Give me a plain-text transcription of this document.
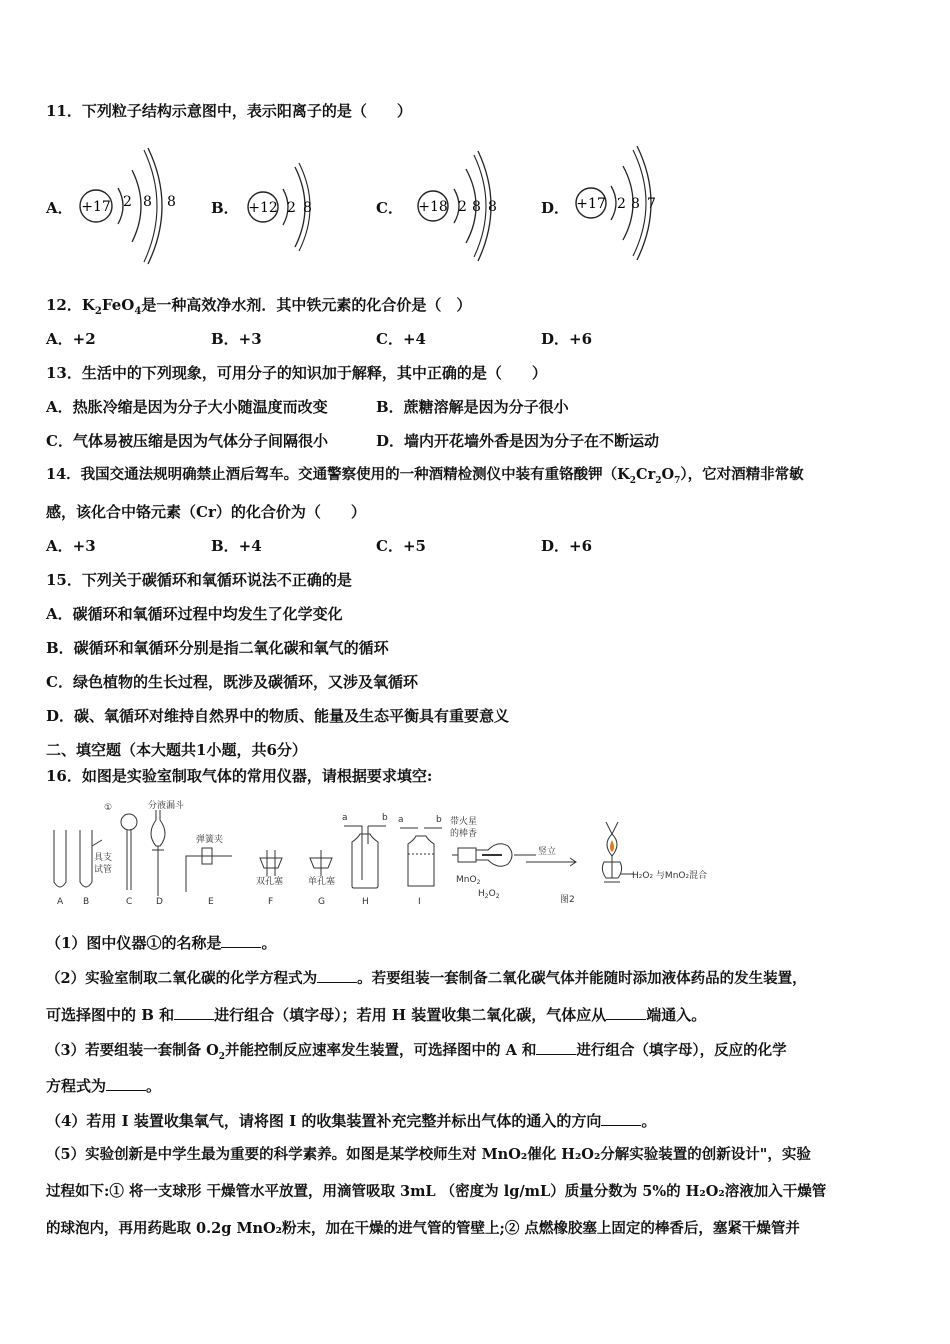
11．下列粒子结构示意图中，表示阳离子的是（　　）
A． +17 2 8 8 B． +12 2 8	C． +18 2 8 8	D． +17 2 8 7
12．$K_2FeO_4$是一种高效净水剂．其中铁元素的化合价是（　）
A．+2	B．+3	C．+4	D．+6
13．生活中的下列现象，可用分子的知识加于解释，其中正确的是（　　）
A．热胀冷缩是因为分子大小随温度而改变	B．蔗糖溶解是因为分子很小
C．气体易被压缩是因为气体分子间隔很小	D．墙内开花墙外香是因为分子在不断运动
14．我国交通法规明确禁止酒后驾车。交通警察使用的一种酒精检测仪中装有重铬酸钾$(K_2Cr_2O_7)$，它对酒精非常敏
感，该化合中铬元素（Cr）的化合价为（　　）
A．+3	B．+4	C．+5	D．+6
15．下列关于碳循环和氧循环说法不正确的是
A．碳循环和氧循环过程中均发生了化学变化
B．碳循环和氧循环分别是指二氧化碳和氧气的循环
C．绿色植物的生长过程，既涉及碳循环，又涉及氧循环
D．碳、氧循环对维持自然界中的物质、能量及生态平衡具有重要意义
二、填空题（本大题共1小题，共6分）
16．如图是实验室制取气体的常用仪器，请根据要求填空:
①	分液漏斗
具支
试管
弹簧夹
双孔塞	单孔塞
a	b a	b 带火星
的棒香
MnO$_2$
$H_2O_2$
竖立
图2
H₂O₂ 与MnO₂混合
A B	C	D	E	F	G	H	I
（1）图中仪器①的名称是	。
（2）实验室制取二氧化碳的化学方程式为	。若要组装一套制备二氧化碳气体并能随时添加液体药品的发生装置，
可选择图中的 B 和	进行组合（填字母）；若用 H 装置收集二氧化碳，气体应从	端通入。
（3）若要组装一套制备 $O_2$并能控制反应速率发生装置，可选择图中的 A 和	进行组合（填字母），反应的化学
方程式为	。
（4）若用 I 装置收集氧气，请将图 I 的收集装置补充完整并标出气体的通入的方向	。
（5）实验创新是中学生最为重要的科学素养。如图是某学校师生对 MnO₂催化 H₂O₂分解实验装置的创新设计"，实验
过程如下:① 将一支球形 干燥管水平放置，用滴管吸取 3mL （密度为 lg/mL）质量分数为 5%的 H₂O₂溶液加入干燥管
的球泡内，再用药匙取 0.2g MnO₂粉末，加在干燥的进气管的管壁上;② 点燃橡胶塞上固定的棒香后，塞紧干燥管并
